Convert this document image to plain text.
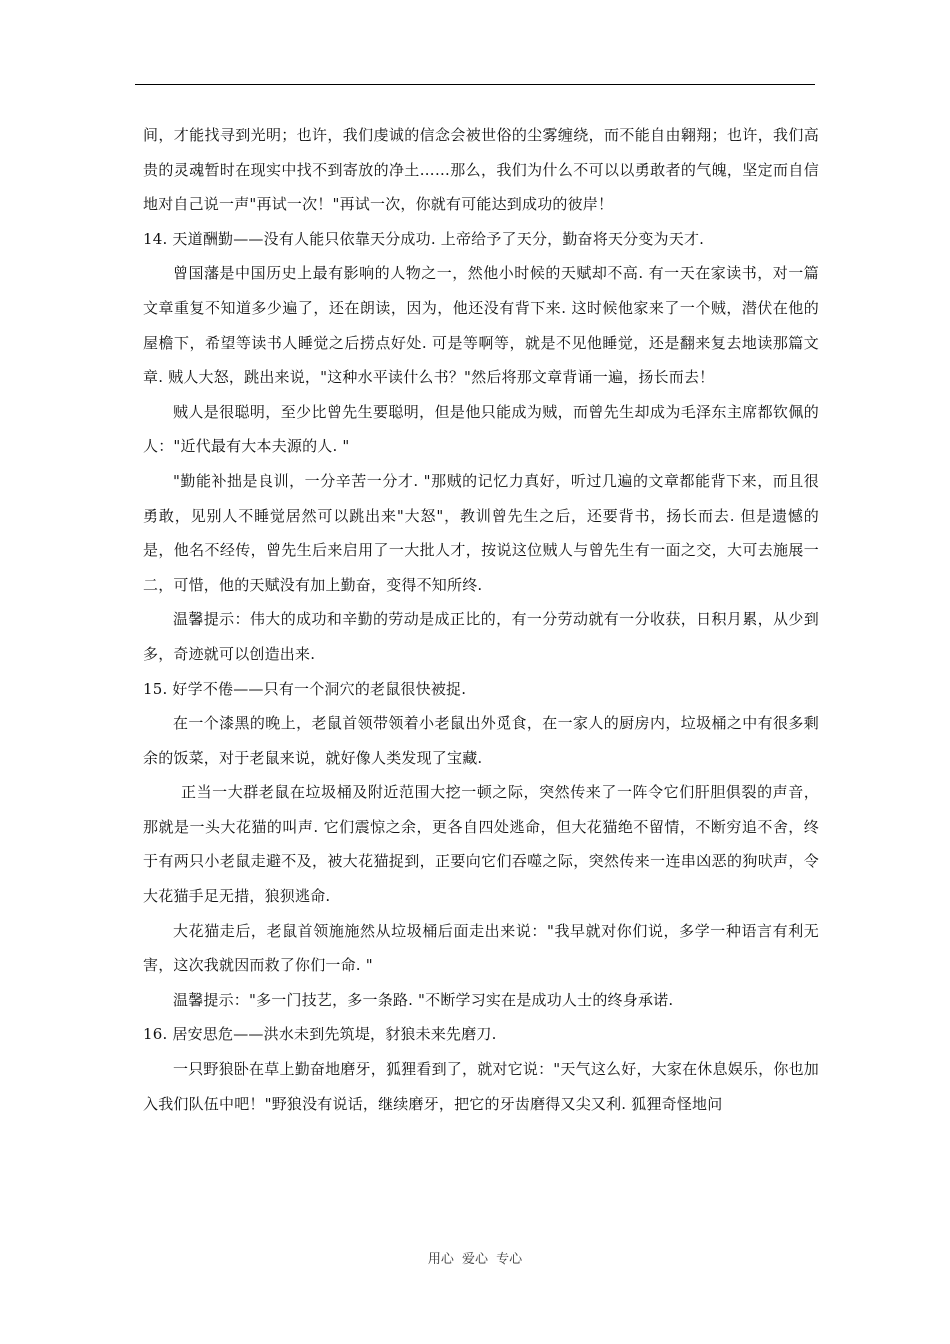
间，才能找寻到光明；也许，我们虔诚的信念会被世俗的尘雾缠绕，而不能自由翱翔；也许，我们高贵的灵魂暂时在现实中找不到寄放的净土……那么，我们为什么不可以以勇敢者的气魄，坚定而自信地对自己说一声"再试一次！"再试一次，你就有可能达到成功的彼岸！

14. 天道酬勤——没有人能只依靠天分成功. 上帝给予了天分，勤奋将天分变为天才.

曾国藩是中国历史上最有影响的人物之一，然他小时候的天赋却不高. 有一天在家读书，对一篇文章重复不知道多少遍了，还在朗读，因为，他还没有背下来. 这时候他家来了一个贼，潜伏在他的屋檐下，希望等读书人睡觉之后捞点好处. 可是等啊等，就是不见他睡觉，还是翻来复去地读那篇文章. 贼人大怒，跳出来说，"这种水平读什么书？"然后将那文章背诵一遍，扬长而去！

贼人是很聪明，至少比曾先生要聪明，但是他只能成为贼，而曾先生却成为毛泽东主席都钦佩的人："近代最有大本夫源的人. "

"勤能补拙是良训，一分辛苦一分才. "那贼的记忆力真好，听过几遍的文章都能背下来，而且很勇敢，见别人不睡觉居然可以跳出来"大怒"，教训曾先生之后，还要背书，扬长而去. 但是遗憾的是，他名不经传，曾先生后来启用了一大批人才，按说这位贼人与曾先生有一面之交，大可去施展一二，可惜，他的天赋没有加上勤奋，变得不知所终.

温馨提示：伟大的成功和辛勤的劳动是成正比的，有一分劳动就有一分收获，日积月累，从少到多，奇迹就可以创造出来.

15. 好学不倦——只有一个洞穴的老鼠很快被捉.

在一个漆黑的晚上，老鼠首领带领着小老鼠出外觅食，在一家人的厨房内，垃圾桶之中有很多剩余的饭菜，对于老鼠来说，就好像人类发现了宝藏.

正当一大群老鼠在垃圾桶及附近范围大挖一顿之际，突然传来了一阵令它们肝胆俱裂的声音，那就是一头大花猫的叫声. 它们震惊之余，更各自四处逃命，但大花猫绝不留情，不断穷追不舍，终于有两只小老鼠走避不及，被大花猫捉到，正要向它们吞噬之际，突然传来一连串凶恶的狗吠声，令大花猫手足无措，狼狈逃命.

大花猫走后，老鼠首领施施然从垃圾桶后面走出来说："我早就对你们说，多学一种语言有利无害，这次我就因而救了你们一命. "

温馨提示："多一门技艺，多一条路. "不断学习实在是成功人士的终身承诺.

16. 居安思危——洪水未到先筑堤，豺狼未来先磨刀.

一只野狼卧在草上勤奋地磨牙，狐狸看到了，就对它说："天气这么好，大家在休息娱乐，你也加入我们队伍中吧！"野狼没有说话，继续磨牙，把它的牙齿磨得又尖又利. 狐狸奇怪地问

用心 爱心 专心
